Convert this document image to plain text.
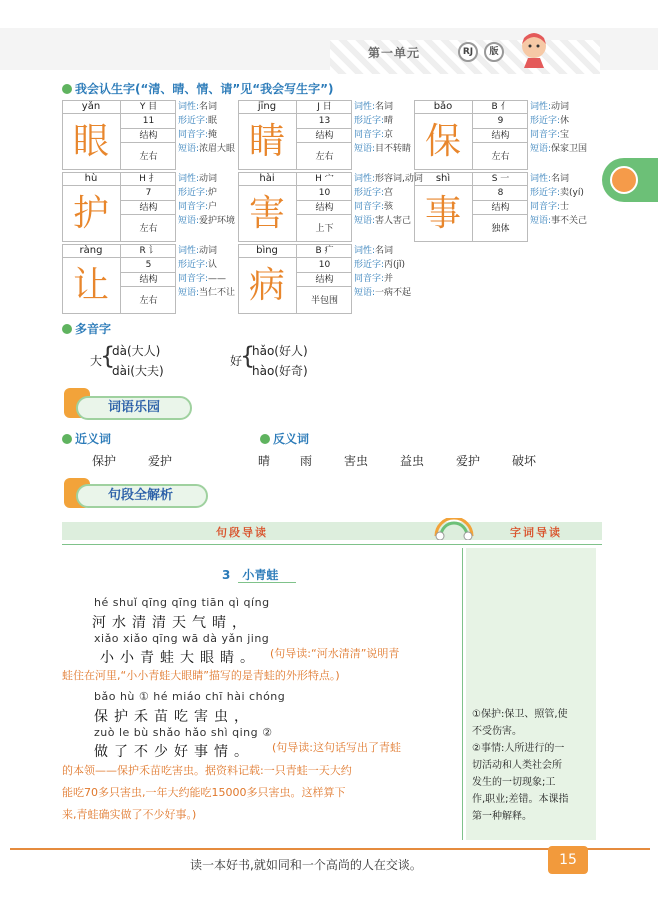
第一单元	RJ	版
我会认生字(“清、晴、情、请”见“我会写生字”)
yǎn	Y 目
眼	11
结构
左右
词性:名词
形近字:眠
同音字:掩
短语:浓眉大眼
jīng	J 日
睛	13
结构
左右
词性:名词
形近字:晴
同音字:京
短语:目不转睛
bǎo	B 亻
保	9
结构
左右
词性:动词
形近字:休
同音字:宝
短语:保家卫国
hù	H 扌
护	7
结构
左右
词性:动词
形近字:炉
同音字:户
短语:爱护环境
hài	H 宀
害	10
结构
上下
词性:形容词,动词
形近字:宫
同音字:骇
短语:害人害己
shì	S 一
事	8
结构
独体
词性:名词
形近字:卖(yí)
同音字:士
短语:事不关己
ràng	R 讠
让	5
结构
左右
词性:动词
形近字:认
同音字:——
短语:当仁不让
bìng	B 疒
病	10
结构
半包围
词性:名词
形近字:丙(jǐ)
同音字:并
短语:一病不起
多音字
大
{
dà(大人)
dài(大夫)
好
{
hǎo(好人)
hào(好奇)
词语乐园
近义词
保护	爱护
反义词
晴 雨	害虫	益虫	爱护	破坏
句段全解析
句段导读	字词导读
3　小青蛙
hé shuǐ qīng qīng tiān qì qíng
河水清清天气晴，
xiǎo xiǎo qīng wā dà yǎn jing
小小青蛙大眼睛。 (句导读:“河水清清”说明青
蛙住在河里,“小小青蛙大眼睛”描写的是青蛙的外形特点。)
bǎo hù ① hé miáo chī hài chóng
保护禾苗吃害虫，
zuò le bù shǎo hǎo shì qing ②
做了不少好事情。 (句导读:这句话写出了青蛙
的本领——保护禾苗吃害虫。据资料记载:一只青蛙一天大约
能吃70多只害虫,一年大约能吃15000多只害虫。这样算下
来,青蛙确实做了不少好事。)
①保护:保卫、照管,使
不受伤害。
②事情:人所进行的一
切活动和人类社会所
发生的一切现象;工
作,职业;差错。本课指
第一种解释。
读一本好书,就如同和一个高尚的人在交谈。	15
